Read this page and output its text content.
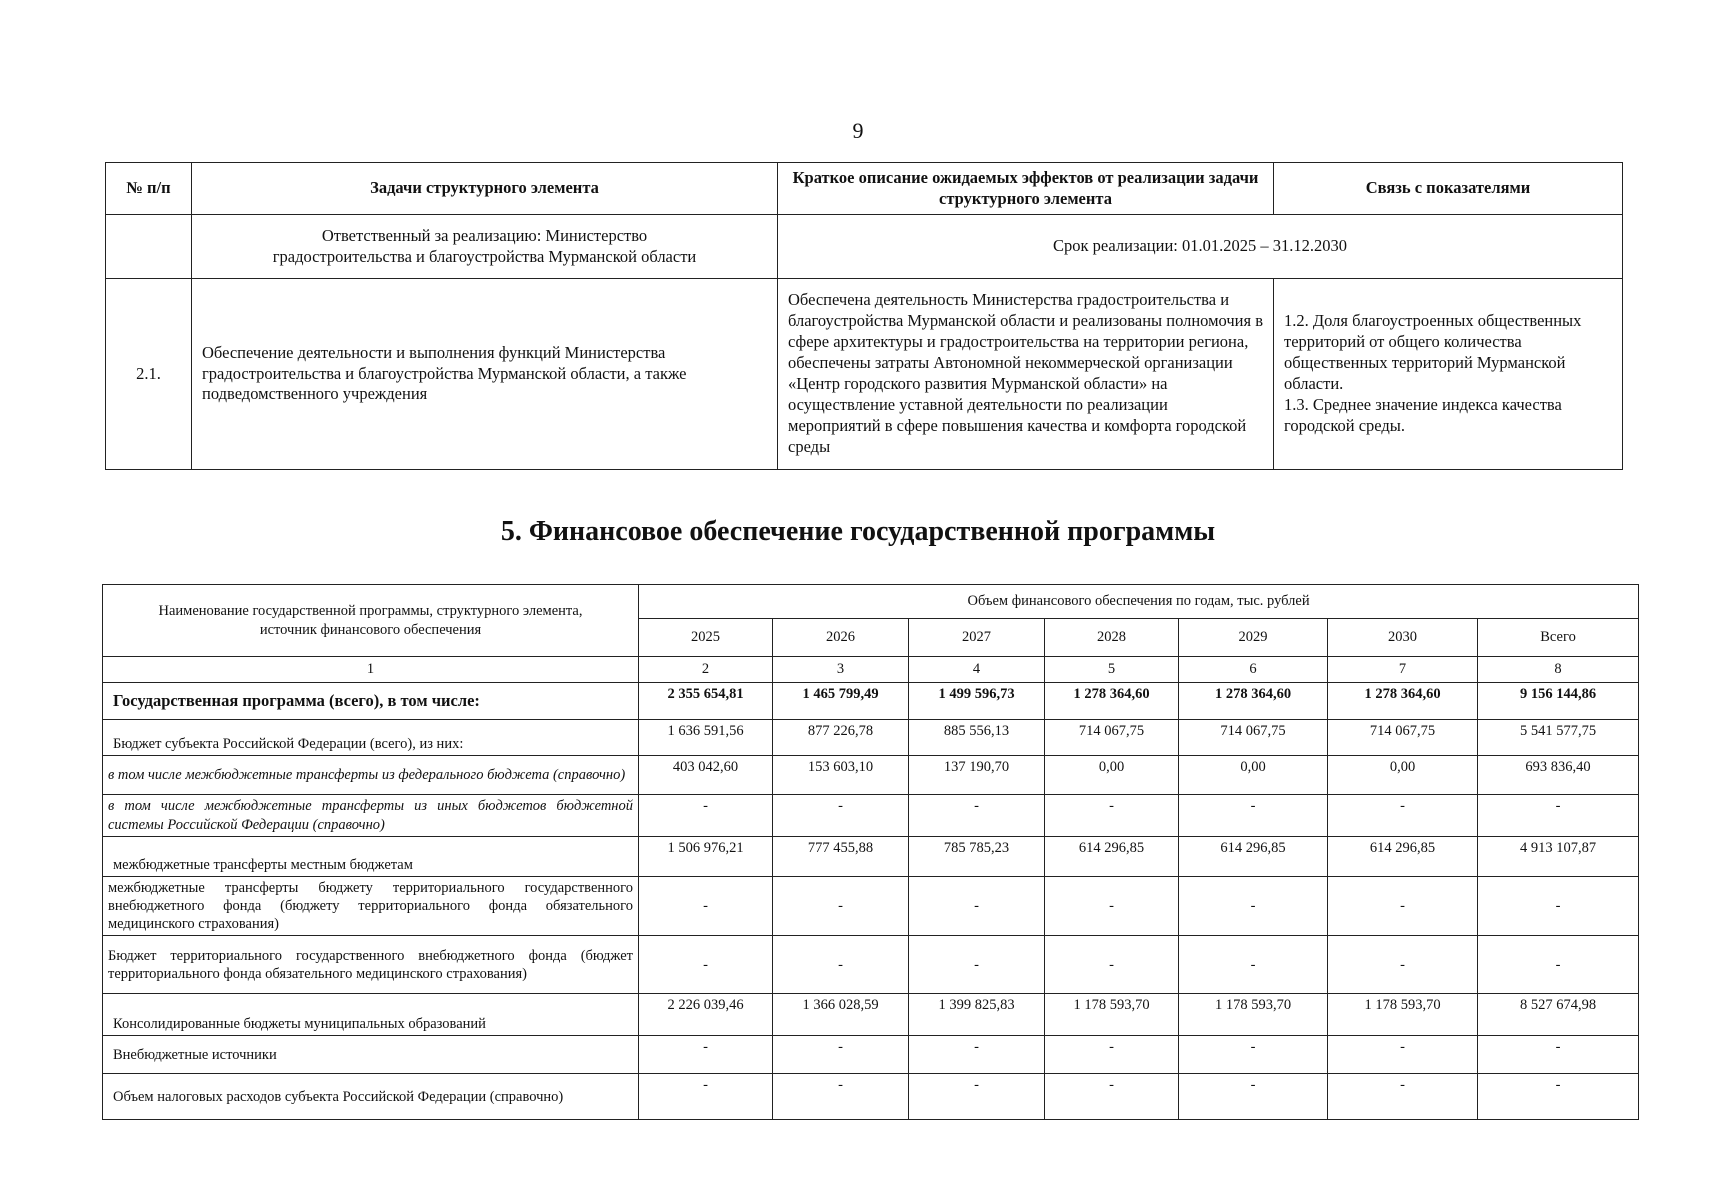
9
№ п/п	Задачи структурного элемента	Краткое описание ожидаемых эффектов от реализации задачи структурного элемента	Связь с показателями
	Ответственный за реализацию: Министерство градостроительства и благоустройства Мурманской области	Срок реализации: 01.01.2025 – 31.12.2030	
2.1.	Обеспечение деятельности и выполнения функций Министерства градостроительства и благоустройства Мурманской области, а также подведомственного учреждения	Обеспечена деятельность Министерства градостроительства и благоустройства Мурманской области и реализованы полномочия в сфере архитектуры и градостроительства на территории региона, обеспечены затраты Автономной некоммерческой организации «Центр городского развития Мурманской области» на осуществление уставной деятельности по реализации мероприятий в сфере повышения качества и комфорта городской среды	1.2. Доля благоустроенных общественных территорий от общего количества общественных территорий Мурманской области.
1.3. Среднее значение индекса качества городской среды.
5. Финансовое обеспечение государственной программы
Наименование государственной программы, структурного элемента, источник финансового обеспечения	Объем финансового обеспечения по годам, тыс. рублей						
	2025	2026	2027	2028	2029	2030	Всего
1	2	3	4	5	6	7	8
Государственная программа (всего), в том числе:	2 355 654,81	1 465 799,49	1 499 596,73	1 278 364,60	1 278 364,60	1 278 364,60	9 156 144,86
Бюджет субъекта Российской Федерации (всего), из них:	1 636 591,56	877 226,78	885 556,13	714 067,75	714 067,75	714 067,75	5 541 577,75
в том числе межбюджетные трансферты из федерального бюджета (справочно)	403 042,60	153 603,10	137 190,70	0,00	0,00	0,00	693 836,40
в том числе межбюджетные трансферты из иных бюджетов бюджетной системы Российской Федерации (справочно)	-	-	-	-	-	-	-
межбюджетные трансферты местным бюджетам	1 506 976,21	777 455,88	785 785,23	614 296,85	614 296,85	614 296,85	4 913 107,87
межбюджетные трансферты бюджету территориального государственного внебюджетного фонда (бюджету территориального фонда обязательного медицинского страхования)	-	-	-	-	-	-	-
Бюджет территориального государственного внебюджетного фонда (бюджет территориального фонда обязательного медицинского страхования)	-	-	-	-	-	-	-
Консолидированные бюджеты муниципальных образований	2 226 039,46	1 366 028,59	1 399 825,83	1 178 593,70	1 178 593,70	1 178 593,70	8 527 674,98
Внебюджетные источники	-	-	-	-	-	-	-
Объем налоговых расходов субъекта Российской Федерации (справочно)	-	-	-	-	-	-	-
